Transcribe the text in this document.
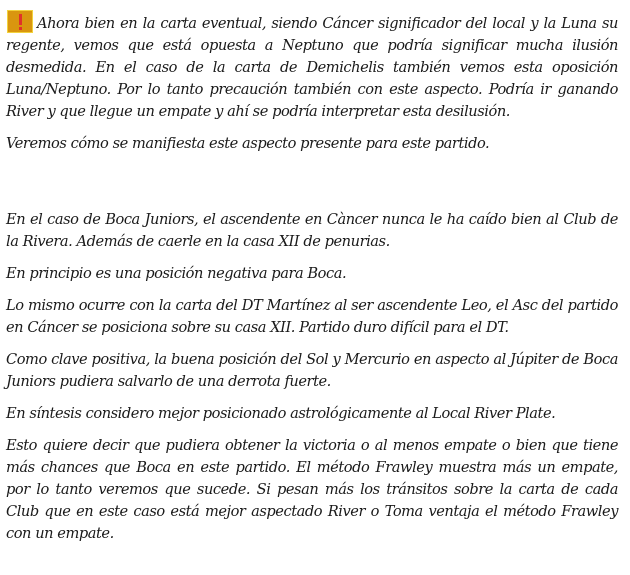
Ahora bien en la carta eventual, siendo Cáncer significador del local y la Luna su regente, vemos que está opuesta a Neptuno que podría significar mucha ilusión desmedida. En el caso de la carta de Demichelis también vemos esta oposición Luna/Neptuno. Por lo tanto precaución también con este aspecto. Podría ir ganando River y que llegue un empate y ahí se podría interpretar esta desilusión.

Veremos cómo se manifiesta este aspecto presente para este partido.

En el caso de Boca Juniors, el ascendente en Càncer nunca le ha caído bien al Club de la Rivera. Además de caerle en la casa XII de penurias.

En principio es una posición negativa para Boca.

Lo mismo ocurre con la carta del DT Martínez al ser ascendente Leo, el Asc del partido en Cáncer se posiciona sobre su casa XII. Partido duro difícil para el DT.

Como clave positiva, la buena posición del Sol y Mercurio en aspecto al Júpiter de Boca Juniors pudiera salvarlo de una derrota fuerte.

En síntesis considero mejor posicionado astrológicamente al Local River Plate.

Esto quiere decir que pudiera obtener la victoria o al menos empate o bien que tiene más chances que Boca en este partido. El método Frawley muestra más un empate, por lo tanto veremos que sucede. Si pesan más los tránsitos sobre la carta de cada Club que en este caso está mejor aspectado River o Toma ventaja el método Frawley con un empate.
